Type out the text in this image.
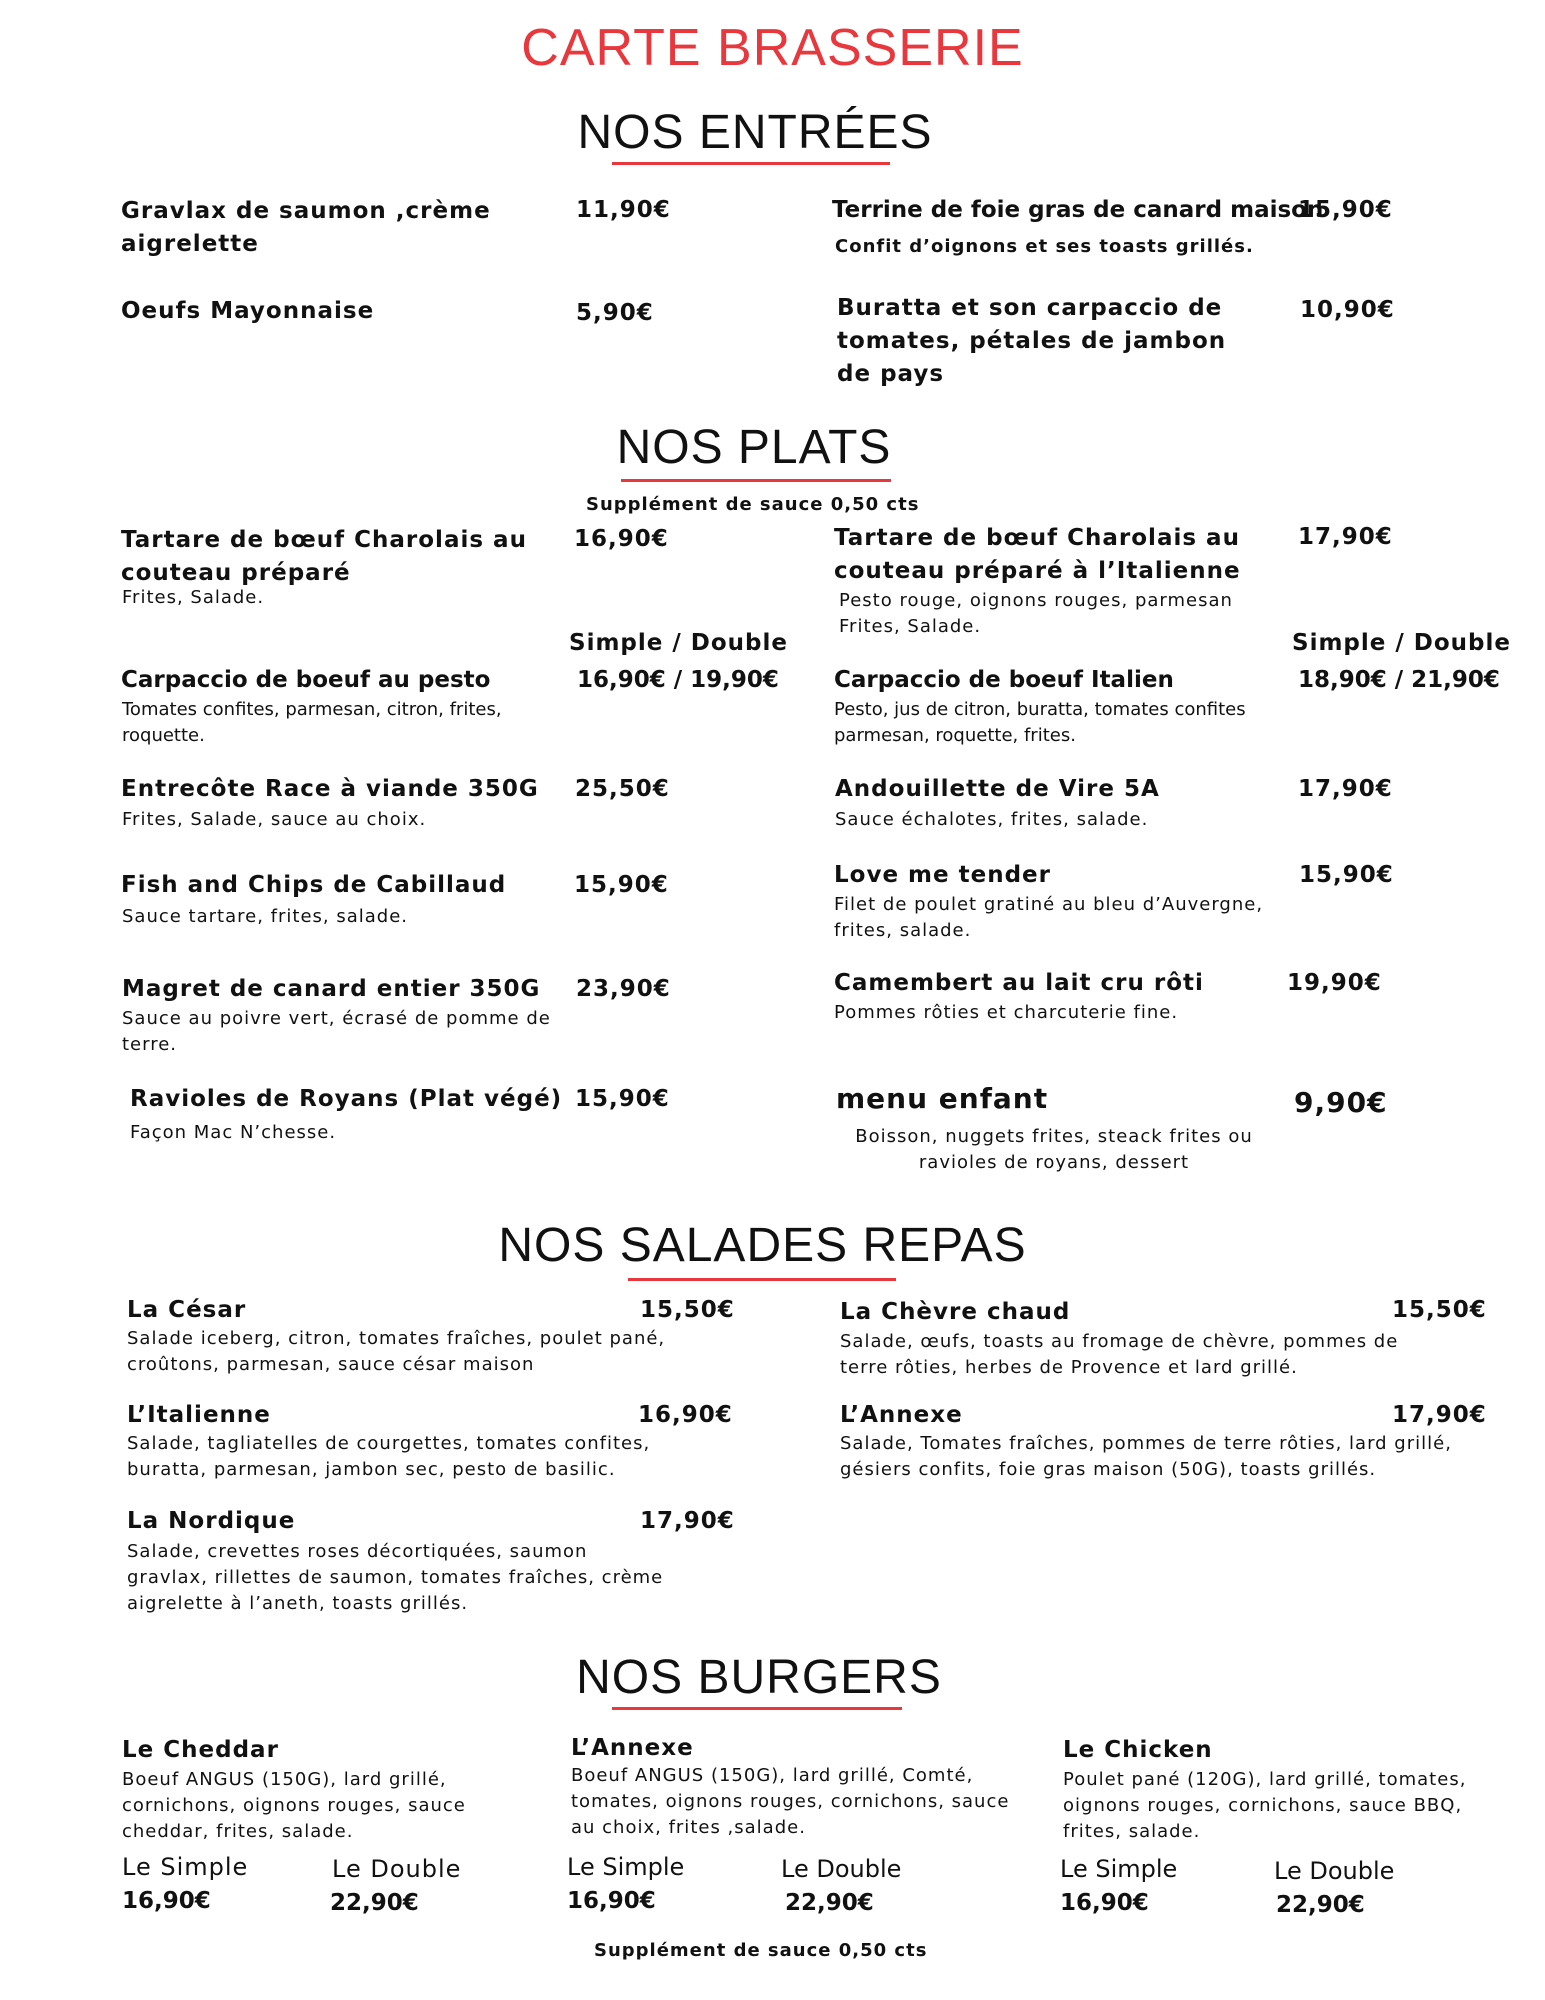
CARTE BRASSERIE
NOS ENTRÉES
Gravlax de saumon ,crème aigrelette
11,90€
Oeufs Mayonnaise	5,90€
Terrine de foie gras de canard maison
15,90€
Confit d’oignons et ses toasts grillés.
Buratta et son carpaccio de tomates, pétales de jambon de pays
10,90€
NOS PLATS
Supplément de sauce 0,50 cts
Tartare de bœuf Charolais au couteau préparé
16,90€
Frites, Salade.
Simple / Double
Carpaccio de boeuf au pesto	16,90€ / 19,90€
Tomates confites, parmesan, citron, frites, roquette.
Entrecôte Race à viande 350G 25,50€
Frites, Salade, sauce au choix.
Fish and Chips de Cabillaud	15,90€
Sauce tartare, frites, salade.
Magret de canard entier 350G 23,90€
Sauce au poivre vert, écrasé de pomme de terre.
Ravioles de Royans (Plat végé) 15,90€
Façon Mac N’chesse.
Tartare de bœuf Charolais au couteau préparé à l’Italienne
17,90€
Pesto rouge, oignons rouges, parmesan Frites, Salade.
Simple / Double
Carpaccio de boeuf Italien	18,90€ / 21,90€
Pesto, jus de citron, buratta, tomates confites parmesan, roquette, frites.
Andouillette de Vire 5A	17,90€
Sauce échalotes, frites, salade.
Love me tender	15,90€
Filet de poulet gratiné au bleu d’Auvergne, frites, salade.
Camembert au lait cru rôti	19,90€
Pommes rôties et charcuterie fine.
menu enfant	9,90€
Boisson, nuggets frites, steack frites ou ravioles de royans, dessert
NOS SALADES REPAS
La César	15,50€
Salade iceberg, citron, tomates fraîches, poulet pané, croûtons, parmesan, sauce césar maison
L’Italienne	16,90€
Salade, tagliatelles de courgettes, tomates confites, buratta, parmesan, jambon sec, pesto de basilic.
La Nordique	17,90€
Salade, crevettes roses décortiquées, saumon gravlax, rillettes de saumon, tomates fraîches, crème aigrelette à l’aneth, toasts grillés.
La Chèvre chaud	15,50€
Salade, œufs, toasts au fromage de chèvre, pommes de terre rôties, herbes de Provence et lard grillé.
L’Annexe	17,90€
Salade, Tomates fraîches, pommes de terre rôties, lard grillé, gésiers confits, foie gras maison (50G), toasts grillés.
NOS BURGERS
Le Cheddar
Boeuf ANGUS (150G), lard grillé, cornichons, oignons rouges, sauce cheddar, frites, salade.
Le Simple	Le Double
16,90€	22,90€
L’Annexe
Boeuf ANGUS (150G), lard grillé, Comté, tomates, oignons rouges, cornichons, sauce au choix, frites ,salade.
Le Simple	Le Double
16,90€	22,90€
Le Chicken
Poulet pané (120G), lard grillé, tomates, oignons rouges, cornichons, sauce BBQ, frites, salade.
Le Simple	Le Double
16,90€	22,90€
Supplément de sauce 0,50 cts
